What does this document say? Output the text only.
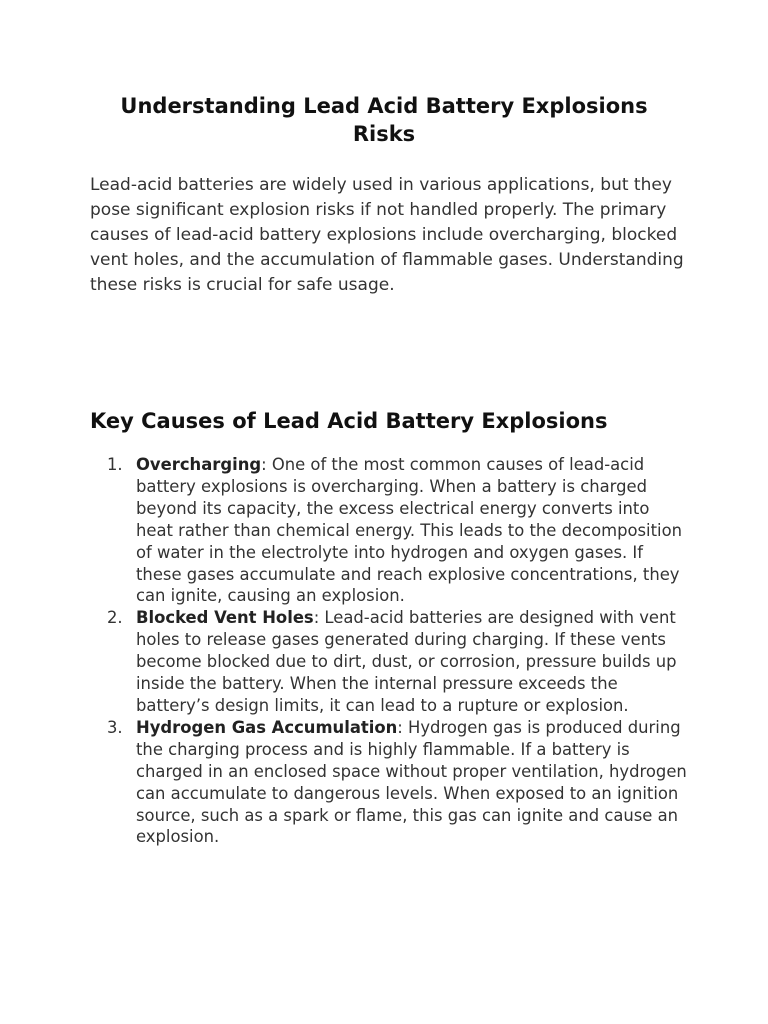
Understanding Lead Acid Battery Explosions Risks

Lead-acid batteries are widely used in various applications, but they pose significant explosion risks if not handled properly. The primary causes of lead-acid battery explosions include overcharging, blocked vent holes, and the accumulation of flammable gases. Understanding these risks is crucial for safe usage.

Key Causes of Lead Acid Battery Explosions
1. Overcharging: One of the most common causes of lead-acid battery explosions is overcharging. When a battery is charged beyond its capacity, the excess electrical energy converts into heat rather than chemical energy. This leads to the decomposition of water in the electrolyte into hydrogen and oxygen gases. If these gases accumulate and reach explosive concentrations, they can ignite, causing an explosion.
2. Blocked Vent Holes: Lead-acid batteries are designed with vent holes to release gases generated during charging. If these vents become blocked due to dirt, dust, or corrosion, pressure builds up inside the battery. When the internal pressure exceeds the battery’s design limits, it can lead to a rupture or explosion.
3. Hydrogen Gas Accumulation: Hydrogen gas is produced during the charging process and is highly flammable. If a battery is charged in an enclosed space without proper ventilation, hydrogen can accumulate to dangerous levels. When exposed to an ignition source, such as a spark or flame, this gas can ignite and cause an explosion.
